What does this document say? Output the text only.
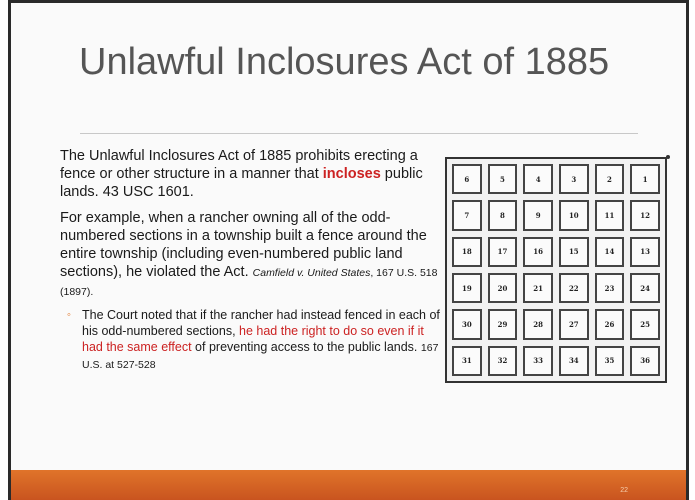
Unlawful Inclosures Act of 1885

The Unlawful Inclosures Act of 1885 prohibits erecting a fence or other structure in a manner that incloses public lands. 43 USC 1601.

For example, when a rancher owning all of the odd-numbered sections in a township built a fence around the entire township (including even-numbered public land sections), he violated the Act. Camfield v. United States, 167 U.S. 518 (1897).

◦ The Court noted that if the rancher had instead fenced in each of his odd-numbered sections, he had the right to do so even if it had the same effect of preventing access to the public lands. 167 U.S. at 527-528
6	5	4	3	2	1
7	8	9	10	11	12
18	17	16	15	14	13
19	20	21	22	23	24
30	29	28	27	26	25
31	32	33	34	35	36
22
